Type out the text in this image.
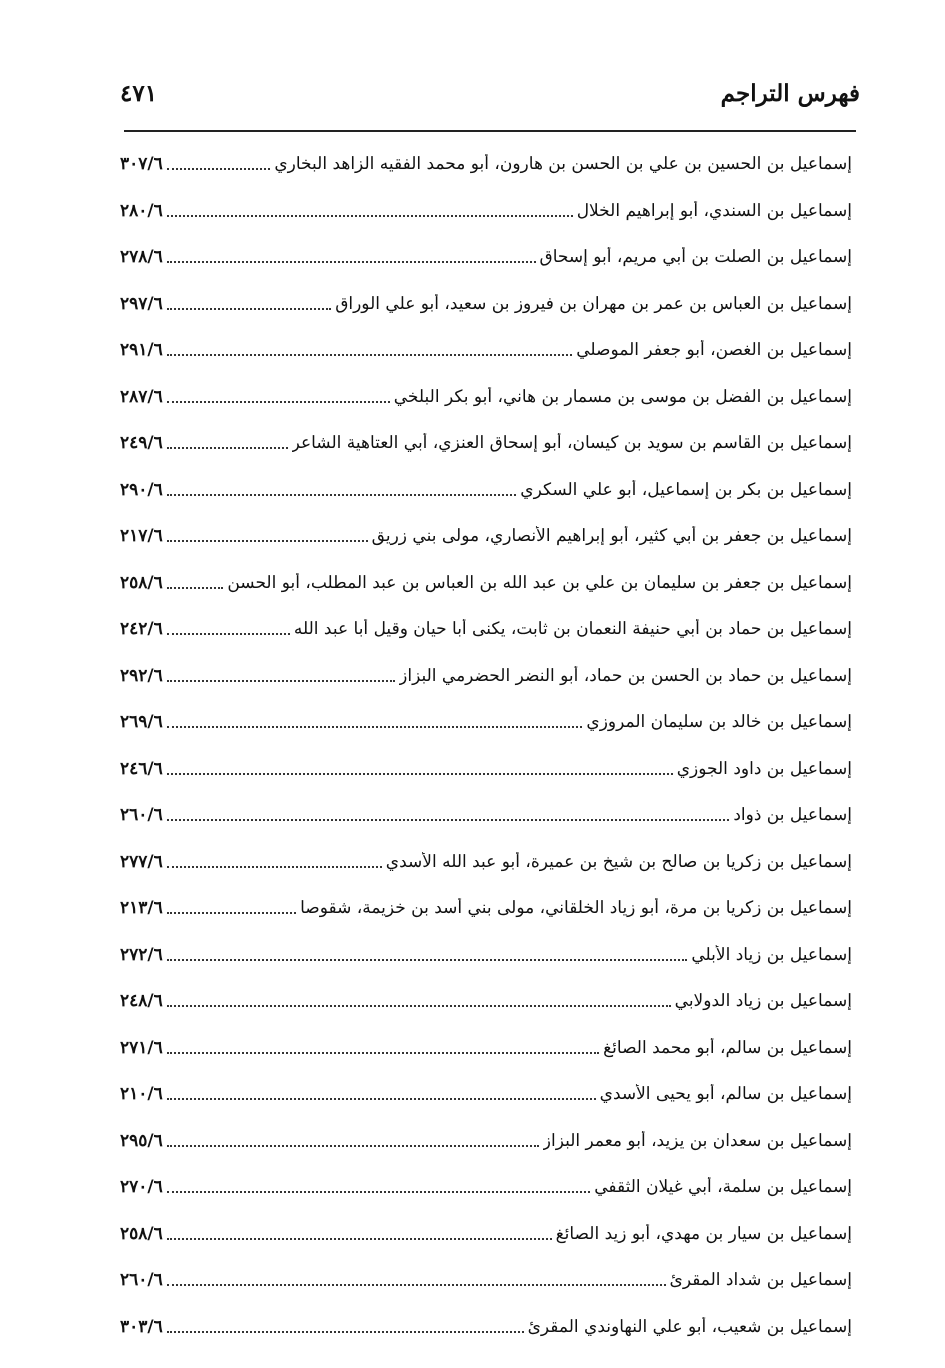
فهرس التراجم
٤٧١
إسماعيل بن الحسين بن علي بن الحسن بن هارون، أبو محمد الفقيه الزاهد البخاري
٣٠٧/٦
إسماعيل بن السندي، أبو إبراهيم الخلال
٢٨٠/٦
إسماعيل بن الصلت بن أبي مريم، أبو إسحاق
٢٧٨/٦
إسماعيل بن العباس بن عمر بن مهران بن فيروز بن سعيد، أبو علي الوراق
٢٩٧/٦
إسماعيل بن الغصن، أبو جعفر الموصلي
٢٩١/٦
إسماعيل بن الفضل بن موسى بن مسمار بن هاني، أبو بكر البلخي
٢٨٧/٦
إسماعيل بن القاسم بن سويد بن كيسان، أبو إسحاق العنزي، أبي العتاهية الشاعر
٢٤٩/٦
إسماعيل بن بكر بن إسماعيل، أبو علي السكري
٢٩٠/٦
إسماعيل بن جعفر بن أبي كثير، أبو إبراهيم الأنصاري، مولى بني زريق
٢١٧/٦
إسماعيل بن جعفر بن سليمان بن علي بن عبد الله بن العباس بن عبد المطلب، أبو الحسن
٢٥٨/٦
إسماعيل بن حماد بن أبي حنيفة النعمان بن ثابت، يكنى أبا حيان وقيل أبا عبد الله
٢٤٢/٦
إسماعيل بن حماد بن الحسن بن حماد، أبو النضر الحضرمي البزاز
٢٩٢/٦
إسماعيل بن خالد بن سليمان المروزي
٢٦٩/٦
إسماعيل بن داود الجوزي
٢٤٦/٦
إسماعيل بن ذواد
٢٦٠/٦
إسماعيل بن زكريا بن صالح بن شيخ بن عميرة، أبو عبد الله الأسدي
٢٧٧/٦
إسماعيل بن زكريا بن مرة، أبو زياد الخلقاني، مولى بني أسد بن خزيمة، شقوصا
٢١٣/٦
إسماعيل بن زياد الأبلي
٢٧٢/٦
إسماعيل بن زياد الدولابي
٢٤٨/٦
إسماعيل بن سالم، أبو محمد الصائغ
٢٧١/٦
إسماعيل بن سالم، أبو يحيى الأسدي
٢١٠/٦
إسماعيل بن سعدان بن يزيد، أبو معمر البزاز
٢٩٥/٦
إسماعيل بن سلمة، أبي غيلان الثقفي
٢٧٠/٦
إسماعيل بن سيار بن مهدي، أبو زيد الصائغ
٢٥٨/٦
إسماعيل بن شداد المقرئ
٢٦٠/٦
إسماعيل بن شعيب، أبو علي النهاوندي المقرئ
٣٠٣/٦
